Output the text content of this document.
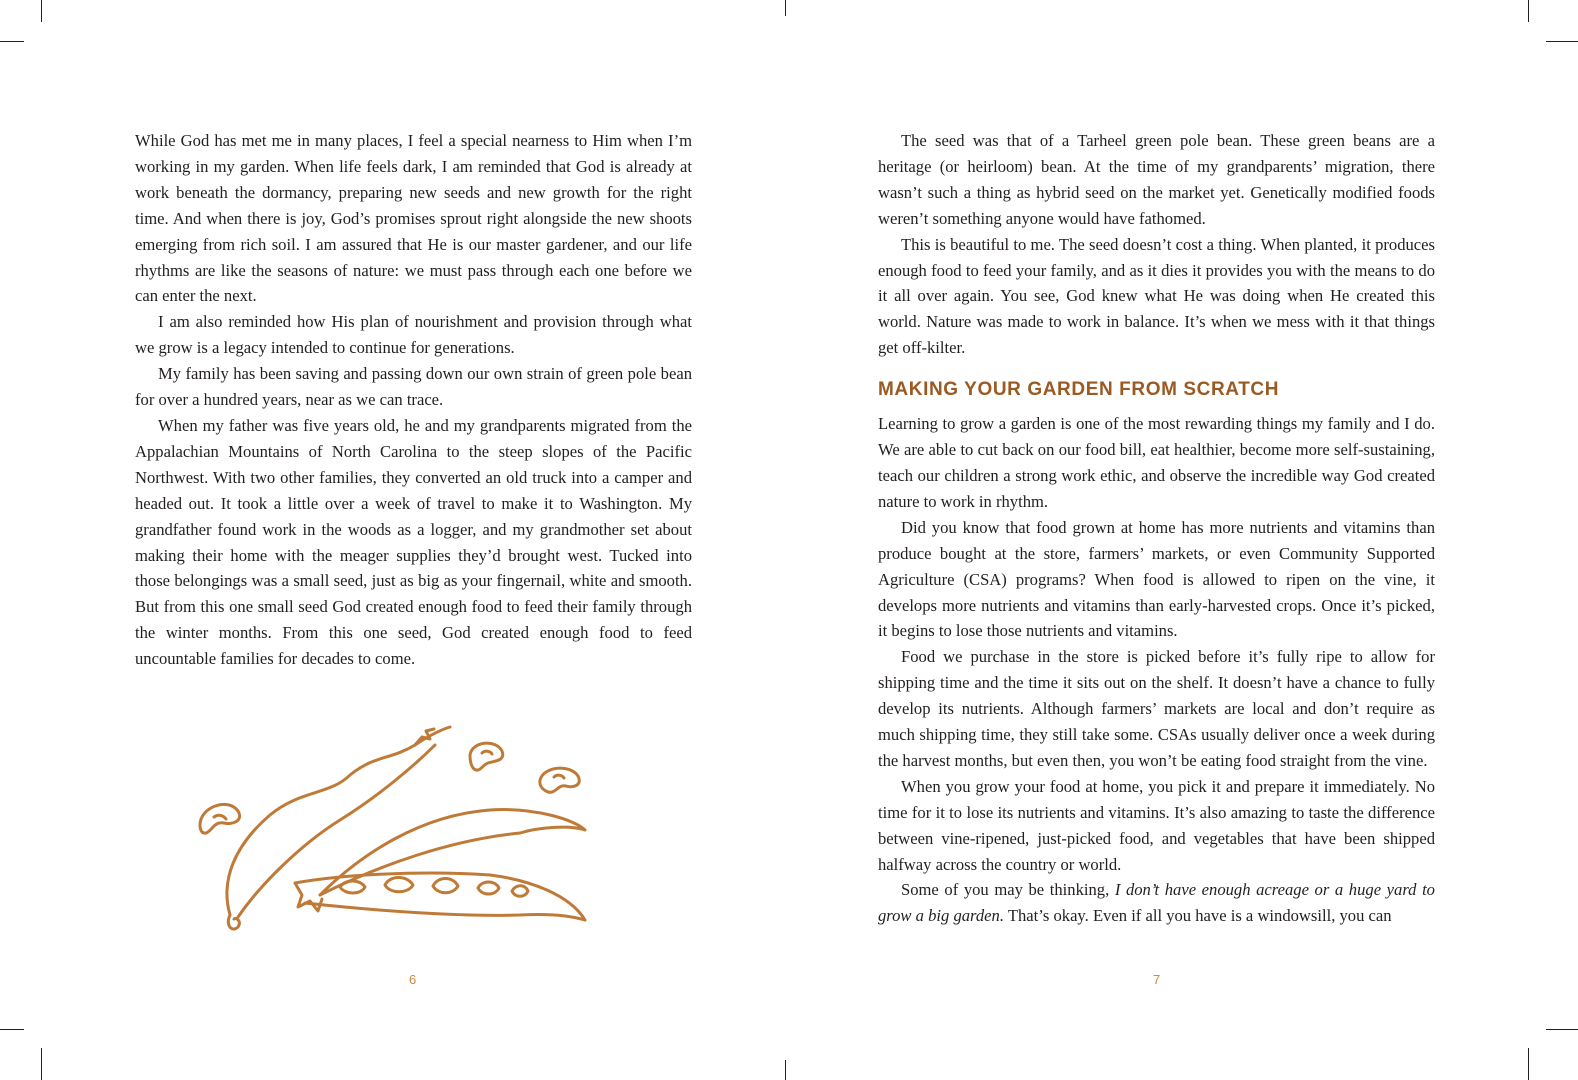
While God has met me in many places, I feel a special nearness to Him when I’m working in my garden. When life feels dark, I am reminded that God is already at work beneath the dormancy, preparing new seeds and new growth for the right time. And when there is joy, God’s promises sprout right alongside the new shoots emerging from rich soil. I am assured that He is our master gardener, and our life rhythms are like the seasons of nature: we must pass through each one before we can enter the next.

I am also reminded how His plan of nourishment and provision through what we grow is a legacy intended to continue for generations.

My family has been saving and passing down our own strain of green pole bean for over a hundred years, near as we can trace.

When my father was five years old, he and my grandparents migrated from the Appalachian Mountains of North Carolina to the steep slopes of the Pacific Northwest. With two other families, they converted an old truck into a camper and headed out. It took a little over a week of travel to make it to Washington. My grandfather found work in the woods as a logger, and my grandmother set about making their home with the meager supplies they’d brought west. Tucked into those belongings was a small seed, just as big as your fingernail, white and smooth. But from this one small seed God created enough food to feed their family through the winter months. From this one seed, God created enough food to feed uncountable families for decades to come.

6

The seed was that of a Tarheel green pole bean. These green beans are a heritage (or heirloom) bean. At the time of my grandparents’ migration, there wasn’t such a thing as hybrid seed on the market yet. Genetically modified foods weren’t something anyone would have fathomed.

This is beautiful to me. The seed doesn’t cost a thing. When planted, it produces enough food to feed your family, and as it dies it provides you with the means to do it all over again. You see, God knew what He was doing when He created this world. Nature was made to work in balance. It’s when we mess with it that things get off-kilter.

MAKING YOUR GARDEN FROM SCRATCH

Learning to grow a garden is one of the most rewarding things my family and I do. We are able to cut back on our food bill, eat healthier, become more self-sustaining, teach our children a strong work ethic, and observe the incredible way God created nature to work in rhythm.

Did you know that food grown at home has more nutrients and vitamins than produce bought at the store, farmers’ markets, or even Community Supported Agriculture (CSA) programs? When food is allowed to ripen on the vine, it develops more nutrients and vitamins than early-harvested crops. Once it’s picked, it begins to lose those nutrients and vitamins.

Food we purchase in the store is picked before it’s fully ripe to allow for shipping time and the time it sits out on the shelf. It doesn’t have a chance to fully develop its nutrients. Although farmers’ markets are local and don’t require as much shipping time, they still take some. CSAs usually deliver once a week during the harvest months, but even then, you won’t be eating food straight from the vine.

When you grow your food at home, you pick it and prepare it immediately. No time for it to lose its nutrients and vitamins. It’s also amazing to taste the difference between vine-ripened, just-picked food, and vegetables that have been shipped halfway across the country or world.

Some of you may be thinking, I don’t have enough acreage or a huge yard to grow a big garden. That’s okay. Even if all you have is a windowsill, you can

7
